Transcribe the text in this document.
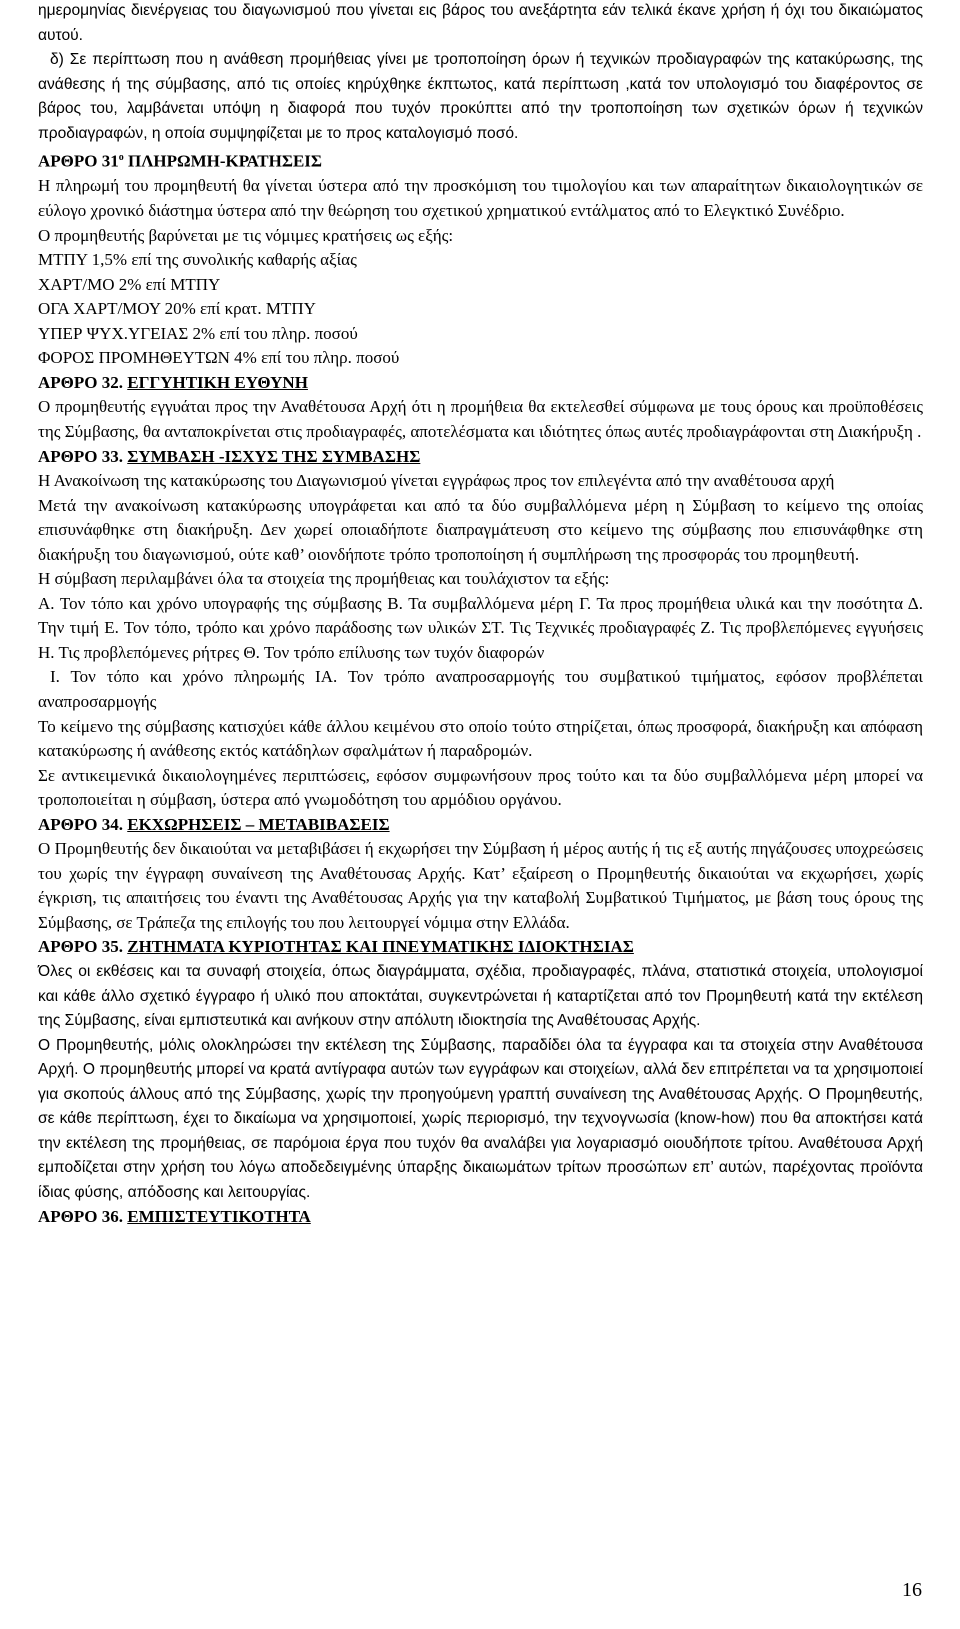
ημερομηνίας διενέργειας του διαγωνισμού που γίνεται εις βάρος του ανεξάρτητα εάν τελικά έκανε χρήση ή όχι του δικαιώματος αυτού.

δ) Σε περίπτωση που η ανάθεση προμήθειας γίνει με τροποποίηση όρων ή τεχνικών προδιαγραφών της κατακύρωσης, της ανάθεσης ή της σύμβασης, από τις οποίες κηρύχθηκε έκπτωτος, κατά περίπτωση ,κατά τον υπολογισμό του διαφέροντος σε βάρος του, λαμβάνεται υπόψη η διαφορά που τυχόν προκύπτει από την τροποποίηση των σχετικών όρων ή τεχνικών προδιαγραφών, η οποία συμψηφίζεται με το προς καταλογισμό ποσό.

ΑΡΘΡΟ $31^o$ ΠΛΗΡΩΜΗ-ΚΡΑΤΗΣΕΙΣ

Η πληρωμή του προμηθευτή θα γίνεται ύστερα από την προσκόμιση του τιμολογίου και των απαραίτητων δικαιολογητικών σε εύλογο χρονικό διάστημα ύστερα από την θεώρηση του σχετικού χρηματικού εντάλματος από το Ελεγκτικό Συνέδριο.

Ο προμηθευτής βαρύνεται με τις νόμιμες κρατήσεις ως εξής:

ΜΤΠΥ 1,5% επί της συνολικής καθαρής αξίας

ΧΑΡΤ/ΜΟ 2% επί ΜΤΠΥ

ΟΓΑ ΧΑΡΤ/ΜΟΥ 20% επί κρατ. ΜΤΠΥ

ΥΠΕΡ ΨΥΧ.ΥΓΕΙΑΣ 2% επί του πληρ. ποσού

ΦΟΡΟΣ ΠΡΟΜΗΘΕΥΤΩΝ 4% επί του πληρ. ποσού

ΑΡΘΡΟ 32. ΕΓΓΥΗΤΙΚΗ ΕΥΘΥΝΗ

Ο προμηθευτής εγγυάται προς την Αναθέτουσα Αρχή ότι η προμήθεια θα εκτελεσθεί σύμφωνα με τους όρους και προϋποθέσεις της Σύμβασης, θα ανταποκρίνεται στις προδιαγραφές, αποτελέσματα και ιδιότητες όπως αυτές προδιαγράφονται στη Διακήρυξη .

ΑΡΘΡΟ 33. ΣΥΜΒΑΣΗ -ΙΣΧΥΣ ΤΗΣ ΣΥΜΒΑΣΗΣ

Η Ανακοίνωση της κατακύρωσης του Διαγωνισμού γίνεται εγγράφως προς τον επιλεγέντα από την αναθέτουσα αρχή

Μετά την ανακοίνωση κατακύρωσης υπογράφεται και από τα δύο συμβαλλόμενα μέρη η Σύμβαση το κείμενο της οποίας επισυνάφθηκε στη διακήρυξη. Δεν χωρεί οποιαδήποτε διαπραγμάτευση στο κείμενο της σύμβασης που επισυνάφθηκε στη διακήρυξη του διαγωνισμού, ούτε καθ’ οιονδήποτε τρόπο τροποποίηση ή συμπλήρωση της προσφοράς του προμηθευτή.

Η σύμβαση περιλαμβάνει όλα τα στοιχεία της προμήθειας και τουλάχιστον τα εξής:

Α. Τον τόπο και χρόνο υπογραφής της σύμβασης Β. Τα συμβαλλόμενα μέρη Γ. Τα προς προμήθεια υλικά και την ποσότητα Δ. Την τιμή Ε. Τον τόπο, τρόπο και χρόνο παράδοσης των υλικών ΣΤ. Τις Τεχνικές προδιαγραφές Ζ. Τις προβλεπόμενες εγγυήσεις Η. Τις προβλεπόμενες ρήτρες Θ. Τον τρόπο επίλυσης των τυχόν διαφορών

Ι. Τον τόπο και χρόνο πληρωμής ΙΑ. Τον τρόπο αναπροσαρμογής του συμβατικού τιμήματος, εφόσον προβλέπεται αναπροσαρμογής

Το κείμενο της σύμβασης κατισχύει κάθε άλλου κειμένου στο οποίο τούτο στηρίζεται, όπως προσφορά, διακήρυξη και απόφαση κατακύρωσης ή ανάθεσης εκτός κατάδηλων σφαλμάτων ή παραδρομών.

Σε αντικειμενικά δικαιολογημένες περιπτώσεις, εφόσον συμφωνήσουν προς τούτο και τα δύο συμβαλλόμενα μέρη μπορεί να τροποποιείται η σύμβαση, ύστερα από γνωμοδότηση του αρμόδιου οργάνου.

ΑΡΘΡΟ 34. ΕΚΧΩΡΗΣΕΙΣ – ΜΕΤΑΒΙΒΑΣΕΙΣ

Ο Προμηθευτής δεν δικαιούται να μεταβιβάσει ή εκχωρήσει την Σύμβαση ή μέρος αυτής ή τις εξ αυτής πηγάζουσες υποχρεώσεις του χωρίς την έγγραφη συναίνεση της Αναθέτουσας Αρχής. Κατ’ εξαίρεση ο Προμηθευτής δικαιούται να εκχωρήσει, χωρίς έγκριση, τις απαιτήσεις του έναντι της Αναθέτουσας Αρχής για την καταβολή Συμβατικού Τιμήματος, με βάση τους όρους της Σύμβασης, σε Τράπεζα της επιλογής του που λειτουργεί νόμιμα στην Ελλάδα.

ΑΡΘΡΟ 35. ΖΗΤΗΜΑΤΑ ΚΥΡΙΟΤΗΤΑΣ ΚΑΙ ΠΝΕΥΜΑΤΙΚΗΣ ΙΔΙΟΚΤΗΣΙΑΣ

Όλες οι εκθέσεις και τα συναφή στοιχεία, όπως διαγράμματα, σχέδια, προδιαγραφές, πλάνα, στατιστικά στοιχεία, υπολογισμοί και κάθε άλλο σχετικό έγγραφο ή υλικό που αποκτάται, συγκεντρώνεται ή καταρτίζεται από τον Προμηθευτή κατά την εκτέλεση της Σύμβασης, είναι εμπιστευτικά και ανήκουν στην απόλυτη ιδιοκτησία της Αναθέτουσας Αρχής.

Ο Προμηθευτής, μόλις ολοκληρώσει την εκτέλεση της Σύμβασης, παραδίδει όλα τα έγγραφα και τα στοιχεία στην Αναθέτουσα Αρχή. Ο προμηθευτής μπορεί να κρατά αντίγραφα αυτών των εγγράφων και στοιχείων, αλλά δεν επιτρέπεται να τα χρησιμοποιεί για σκοπούς άλλους από της Σύμβασης, χωρίς την προηγούμενη γραπτή συναίνεση της Αναθέτουσας Αρχής. Ο Προμηθευτής, σε κάθε περίπτωση, έχει το δικαίωμα να χρησιμοποιεί, χωρίς περιορισμό, την τεχνογνωσία (know-how) που θα αποκτήσει κατά την εκτέλεση της προμήθειας, σε παρόμοια έργα που τυχόν θα αναλάβει για λογαριασμό οιουδήποτε τρίτου. Αναθέτουσα Αρχή εμποδίζεται στην χρήση του λόγω αποδεδειγμένης ύπαρξης δικαιωμάτων τρίτων προσώπων επ’ αυτών, παρέχοντας προϊόντα ίδιας φύσης, απόδοσης και λειτουργίας.

ΑΡΘΡΟ 36. ΕΜΠΙΣΤΕΥΤΙΚΟΤΗΤΑ

16
